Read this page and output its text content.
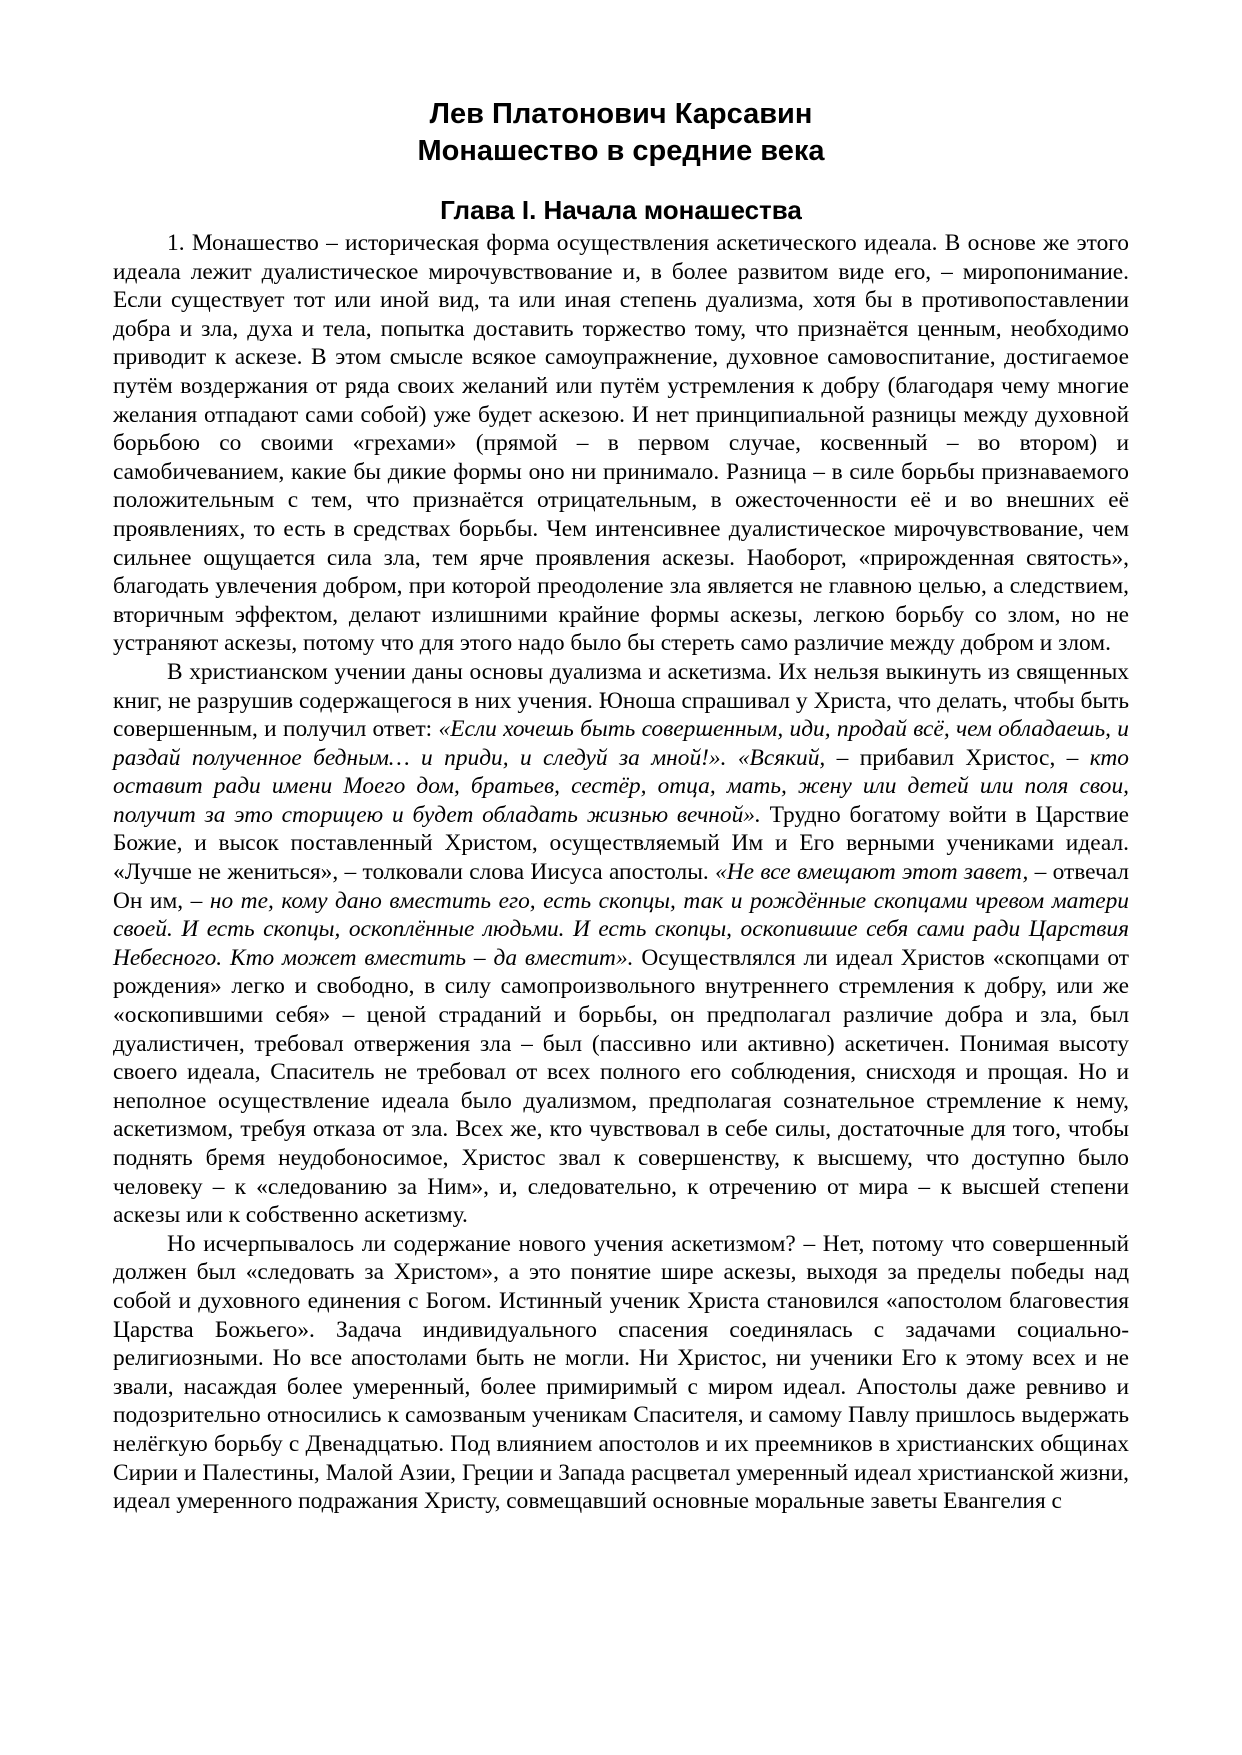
Лев Платонович Карсавин
Монашество в средние века
Глава I. Начала монашества

1. Монашество – историческая форма осуществления аскетического идеала. В основе же этого идеала лежит дуалистическое мирочувствование и, в более развитом виде его, – миропонимание. Если существует тот или иной вид, та или иная степень дуализма, хотя бы в противопоставлении добра и зла, духа и тела, попытка доставить торжество тому, что признаётся ценным, необходимо приводит к аскезе. В этом смысле всякое самоупражнение, духовное самовоспитание, достигаемое путём воздержания от ряда своих желаний или путём устремления к добру (благодаря чему многие желания отпадают сами собой) уже будет аскезою. И нет принципиальной разницы между духовной борьбою со своими «грехами» (прямой – в первом случае, косвенный – во втором) и самобичеванием, какие бы дикие формы оно ни принимало. Разница – в силе борьбы признаваемого положительным с тем, что признаётся отрицательным, в ожесточенности её и во внешних её проявлениях, то есть в средствах борьбы. Чем интенсивнее дуалистическое мирочувствование, чем сильнее ощущается сила зла, тем ярче проявления аскезы. Наоборот, «прирожденная святость», благодать увлечения добром, при которой преодоление зла является не главною целью, а следствием, вторичным эффектом, делают излишними крайние формы аскезы, легкою борьбу со злом, но не устраняют аскезы, потому что для этого надо было бы стереть само различие между добром и злом.

В христианском учении даны основы дуализма и аскетизма. Их нельзя выкинуть из священных книг, не разрушив содержащегося в них учения. Юноша спрашивал у Христа, что делать, чтобы быть совершенным, и получил ответ: «Если хочешь быть совершенным, иди, продай всё, чем обладаешь, и раздай полученное бедным… и приди, и следуй за мной!». «Всякий, – прибавил Христос, – кто оставит ради имени Моего дом, братьев, сестёр, отца, мать, жену или детей или поля свои, получит за это сторицею и будет обладать жизнью вечной». Трудно богатому войти в Царствие Божие, и высок поставленный Христом, осуществляемый Им и Его верными учениками идеал. «Лучше не жениться», – толковали слова Иисуса апостолы. «Не все вмещают этот завет, – отвечал Он им, – но те, кому дано вместить его, есть скопцы, так и рождённые скопцами чревом матери своей. И есть скопцы, оскоплённые людьми. И есть скопцы, оскопившие себя сами ради Царствия Небесного. Кто может вместить – да вместит». Осуществлялся ли идеал Христов «скопцами от рождения» легко и свободно, в силу самопроизвольного внутреннего стремления к добру, или же «оскопившими себя» – ценой страданий и борьбы, он предполагал различие добра и зла, был дуалистичен, требовал отвержения зла – был (пассивно или активно) аскетичен. Понимая высоту своего идеала, Спаситель не требовал от всех полного его соблюдения, снисходя и прощая. Но и неполное осуществление идеала было дуализмом, предполагая сознательное стремление к нему, аскетизмом, требуя отказа от зла. Всех же, кто чувствовал в себе силы, достаточные для того, чтобы поднять бремя неудобоносимое, Христос звал к совершенству, к высшему, что доступно было человеку – к «следованию за Ним», и, следовательно, к отречению от мира – к высшей степени аскезы или к собственно аскетизму.

Но исчерпывалось ли содержание нового учения аскетизмом? – Нет, потому что совершенный должен был «следовать за Христом», а это понятие шире аскезы, выходя за пределы победы над собой и духовного единения с Богом. Истинный ученик Христа становился «апостолом благовестия Царства Божьего». Задача индивидуального спасения соединялась с задачами социально-религиозными. Но все апостолами быть не могли. Ни Христос, ни ученики Его к этому всех и не звали, насаждая более умеренный, более примиримый с миром идеал. Апостолы даже ревниво и подозрительно относились к самозваным ученикам Спасителя, и самому Павлу пришлось выдержать нелёгкую борьбу с Двенадцатью. Под влиянием апостолов и их преемников в христианских общинах Сирии и Палестины, Малой Азии, Греции и Запада расцветал умеренный идеал христианской жизни, идеал умеренного подражания Христу, совмещавший основные моральные заветы Евангелия с
